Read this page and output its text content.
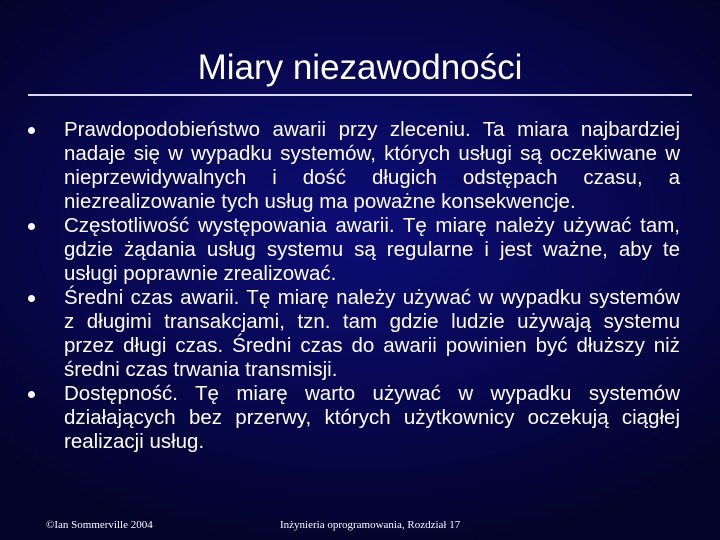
Miary niezawodności
Prawdopodobieństwo awarii przy zleceniu. Ta miara najbardziej nadaje się w wypadku systemów, których usługi są oczekiwane w nieprzewidywalnych i dość długich odstępach czasu, a niezrealizowanie tych usług ma poważne konsekwencje.
Częstotliwość występowania awarii. Tę miarę należy używać tam, gdzie żądania usług systemu są regularne i jest ważne, aby te usługi poprawnie zrealizować.
Średni czas awarii. Tę miarę należy używać w wypadku systemów z długimi transakcjami, tzn. tam gdzie ludzie używają systemu przez długi czas. Średni czas do awarii powinien być dłuższy niż średni czas trwania transmisji.
Dostępność. Tę miarę warto używać w wypadku systemów działających bez przerwy, których użytkownicy oczekują ciągłej realizacji usług.
©Ian Sommerville 2004	Inżynieria oprogramowania, Rozdział 17
